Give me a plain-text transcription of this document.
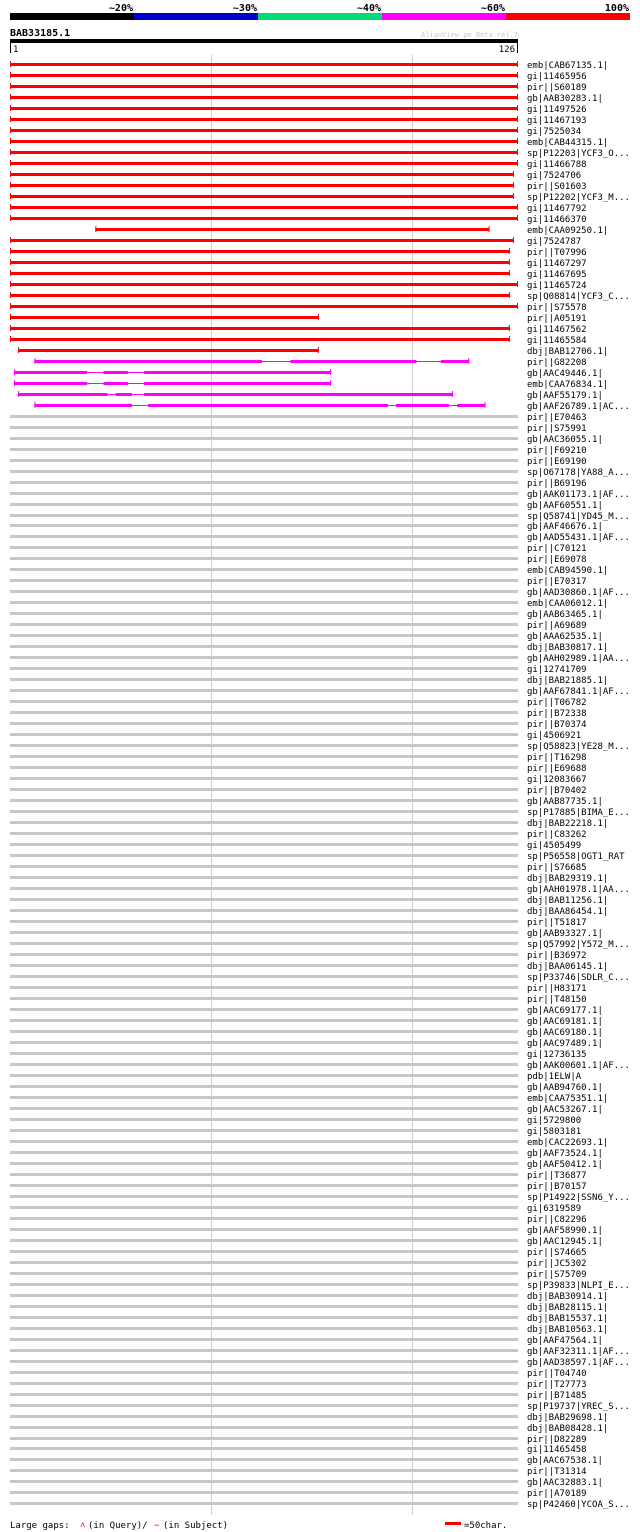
~20%	~30%	~40%	~60%	100%
BAB33185.1	AlignView.pm Beta rel.7
1	126
emb|CAB67135.1|
gi|11465956
pir||S60189
gb|AAB30283.1|
gi|11497526
gi|11467193
gi|7525034
emb|CAB44315.1|
sp|P12203|YCF3_O...
gi|11466788
gi|7524706
pir||S01603
sp|P12202|YCF3_M...
gi|11467792
gi|11466370
emb|CAA09250.1|
gi|7524787
pir||T07996
gi|11467297
gi|11467695
gi|11465724
sp|Q08814|YCF3_C...
pir||S75578
pir||A05191
gi|11467562
gi|11465584
dbj|BAB12706.1|
pir||G82208
gb|AAC49446.1|
emb|CAA76834.1|
gb|AAF55179.1|
gb|AAF26789.1|AC...
pir||E70463
pir||S75991
gb|AAC36055.1|
pir||F69210
pir||E69190
sp|O67178|YA88_A...
pir||B69196
gb|AAK01173.1|AF...
gb|AAF60551.1|
sp|Q58741|YD45_M...
gb|AAF46676.1|
gb|AAD55431.1|AF...
pir||C70121
pir||E69078
emb|CAB94590.1|
pir||E70317
gb|AAD30860.1|AF...
emb|CAA06012.1|
gb|AAB63465.1|
pir||A69689
gb|AAA62535.1|
dbj|BAB30817.1|
gb|AAH02989.1|AA...
gi|12741709
dbj|BAB21885.1|
gb|AAF67841.1|AF...
pir||T06782
pir||B72338
pir||B70374
gi|4506921
sp|Q58823|YE28_M...
pir||T16298
pir||E69688
gi|12083667
pir||B70402
gb|AAB87735.1|
sp|P17885|BIMA_E...
dbj|BAB22218.1|
pir||C83262
gi|4505499
sp|P56558|OGT1_RAT
pir||S76685
dbj|BAB29319.1|
gb|AAH01978.1|AA...
dbj|BAB11256.1|
dbj|BAA86454.1|
pir||T51817
gb|AAB93327.1|
sp|Q57992|Y572_M...
pir||B36972
dbj|BAA06145.1|
sp|P33746|SDLR_C...
pir||H83171
pir||T48150
gb|AAC69177.1|
gb|AAC69181.1|
gb|AAC69180.1|
gb|AAC97489.1|
gi|12736135
gb|AAK00601.1|AF...
pdb|1ELW|A
gb|AAB94760.1|
emb|CAA75351.1|
gb|AAC53267.1|
gi|5729800
gi|5803181
emb|CAC22693.1|
gb|AAF73524.1|
gb|AAF50412.1|
pir||T36877
pir||B70157
sp|P14922|SSN6_Y...
gi|6319589
pir||C82296
gb|AAF58990.1|
gb|AAC12945.1|
pir||S74665
pir||JC5302
pir||S75709
sp|P39833|NLPI_E...
dbj|BAB30914.1|
dbj|BAB28115.1|
dbj|BAB15537.1|
dbj|BAB10563.1|
gb|AAF47564.1|
gb|AAF32311.1|AF...
gb|AAD38597.1|AF...
pir||T04740
pir||T27773
pir||B71485
sp|P19737|YREC_S...
dbj|BAB29698.1|
dbj|BAB08428.1|
pir||D82289
gi|11465458
gb|AAC67538.1|
pir||T31314
gb|AAC32883.1|
pir||A70189
sp|P42460|YCOA_S...
Large gaps: ˄ (in Query)/ − (in Subject)	=50char.
